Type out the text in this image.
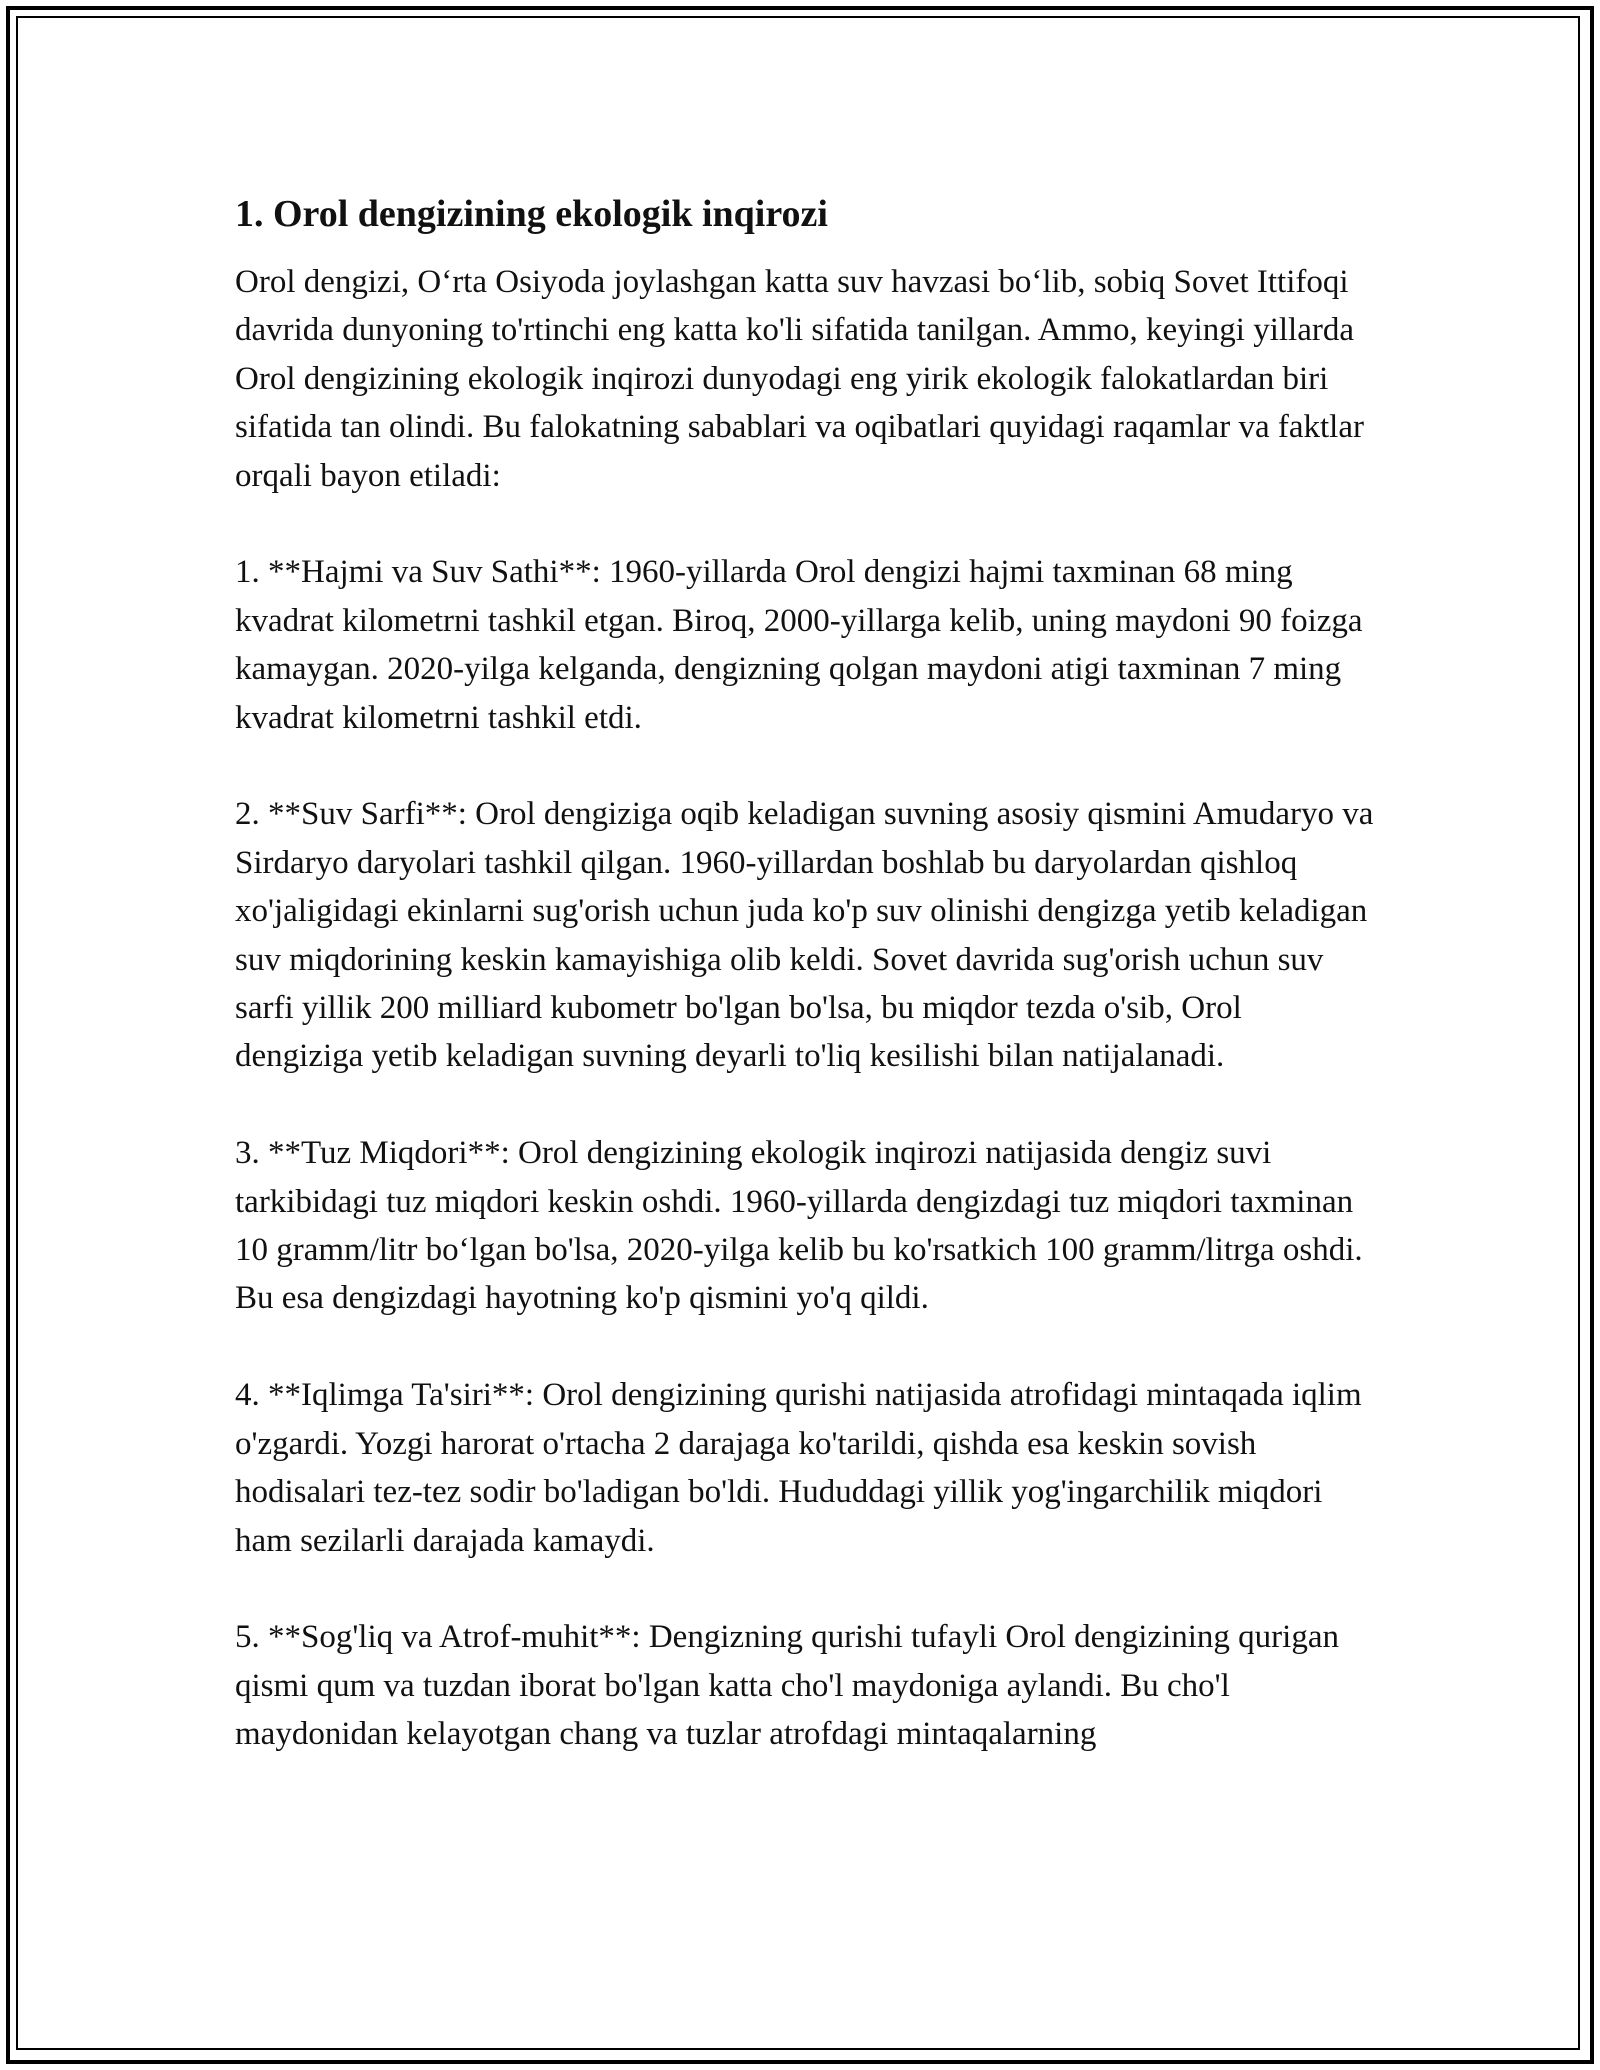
1. Orol dengizining ekologik inqirozi

Orol dengizi, O‘rta Osiyoda joylashgan katta suv havzasi bo‘lib, sobiq Sovet Ittifoqi davrida dunyoning to'rtinchi eng katta ko'li sifatida tanilgan. Ammo, keyingi yillarda Orol dengizining ekologik inqirozi dunyodagi eng yirik ekologik falokatlardan biri sifatida tan olindi. Bu falokatning sabablari va oqibatlari quyidagi raqamlar va faktlar orqali bayon etiladi:

1. **Hajmi va Suv Sathi**: 1960-yillarda Orol dengizi hajmi taxminan 68 ming kvadrat kilometrni tashkil etgan. Biroq, 2000-yillarga kelib, uning maydoni 90 foizga kamaygan. 2020-yilga kelganda, dengizning qolgan maydoni atigi taxminan 7 ming kvadrat kilometrni tashkil etdi.

2. **Suv Sarfi**: Orol dengiziga oqib keladigan suvning asosiy qismini Amudaryo va Sirdaryo daryolari tashkil qilgan. 1960-yillardan boshlab bu daryolardan qishloq xo'jaligidagi ekinlarni sug'orish uchun juda ko'p suv olinishi dengizga yetib keladigan suv miqdorining keskin kamayishiga olib keldi. Sovet davrida sug'orish uchun suv sarfi yillik 200 milliard kubometr bo'lgan bo'lsa, bu miqdor tezda o'sib, Orol dengiziga yetib keladigan suvning deyarli to'liq kesilishi bilan natijalanadi.

3. **Tuz Miqdori**: Orol dengizining ekologik inqirozi natijasida dengiz suvi tarkibidagi tuz miqdori keskin oshdi. 1960-yillarda dengizdagi tuz miqdori taxminan 10 gramm/litr bo‘lgan bo'lsa, 2020-yilga kelib bu ko'rsatkich 100 gramm/litrga oshdi. Bu esa dengizdagi hayotning ko'p qismini yo'q qildi.

4. **Iqlimga Ta'siri**: Orol dengizining qurishi natijasida atrofidagi mintaqada iqlim o'zgardi. Yozgi harorat o'rtacha 2 darajaga ko'tarildi, qishda esa keskin sovish hodisalari tez-tez sodir bo'ladigan bo'ldi. Hududdagi yillik yog'ingarchilik miqdori ham sezilarli darajada kamaydi.

5. **Sog'liq va Atrof-muhit**: Dengizning qurishi tufayli Orol dengizining qurigan qismi qum va tuzdan iborat bo'lgan katta cho'l maydoniga aylandi. Bu cho'l maydonidan kelayotgan chang va tuzlar atrofdagi mintaqalarning
